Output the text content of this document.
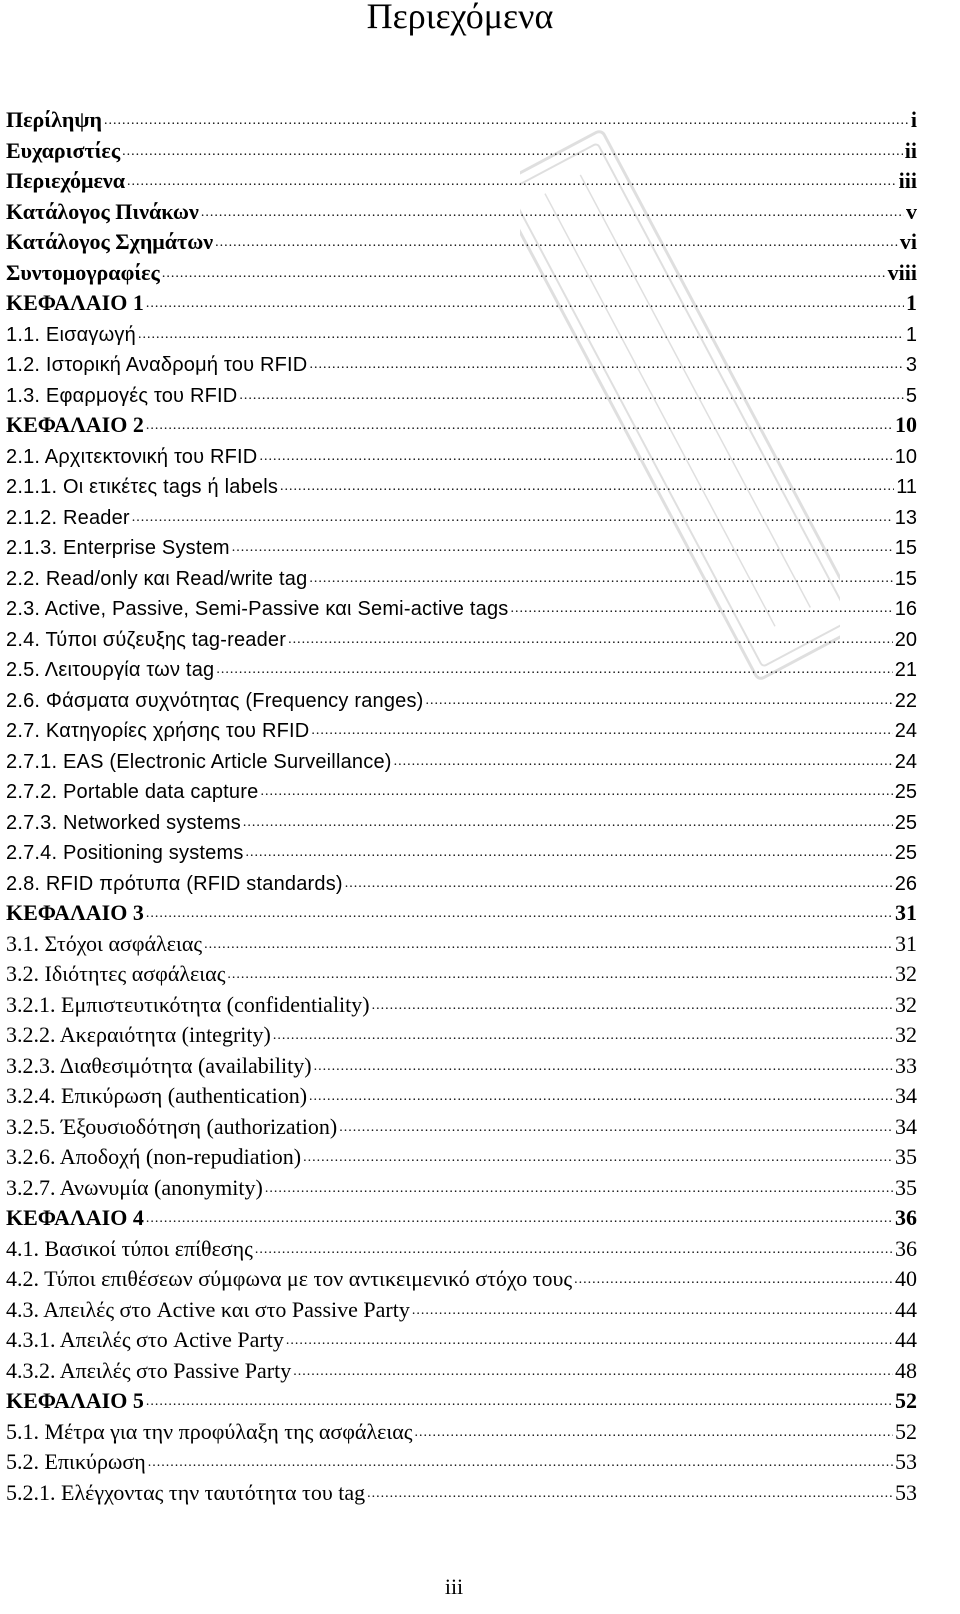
Περιεχόμενα
Περίληψη .....	i
Ευχαριστίες .....	ii
Περιεχόμενα .....	iii
Κατάλογος Πινάκων .....	v
Κατάλογος Σχημάτων .....	vi
Συντομογραφίες .....	viii
ΚΕΦΑΛΑΙΟ 1 .....	1
1.1. Εισαγωγή .....	1
1.2. Ιστορική Αναδρομή του RFID .....	3
1.3. Εφαρμογές του RFID .....	5
ΚΕΦΑΛΑΙΟ 2 .....	10
2.1. Αρχιτεκτονική του RFID .....	10
2.1.1. Οι ετικέτες tags ή labels .....	11
2.1.2. Reader .....	13
2.1.3. Enterprise System .....	15
2.2. Read/only και Read/write tag .....	15
2.3. Active, Passive, Semi-Passive και Semi-active tags .....	16
2.4. Τύποι σύζευξης tag-reader .....	20
2.5. Λειτουργία των tag .....	21
2.6. Φάσματα συχνότητας (Frequency ranges) .....	22
2.7. Κατηγορίες χρήσης του RFID .....	24
2.7.1. EAS (Electronic Article Surveillance) .....	24
2.7.2. Portable data capture .....	25
2.7.3. Networked systems .....	25
2.7.4. Positioning systems .....	25
2.8. RFID πρότυπα (RFID standards) .....	26
ΚΕΦΑΛΑΙΟ 3 .....	31
3.1. Στόχοι ασφάλειας .....	31
3.2. Ιδιότητες ασφάλειας .....	32
3.2.1. Εμπιστευτικότητα (confidentiality) .....	32
3.2.2. Ακεραιότητα (integrity) .....	32
3.2.3. Διαθεσιμότητα (availability) .....	33
3.2.4. Επικύρωση (authentication) .....	34
3.2.5. Έξουσιοδότηση (authorization) .....	34
3.2.6. Αποδοχή (non-repudiation) .....	35
3.2.7. Ανωνυμία (anonymity) .....	35
ΚΕΦΑΛΑΙΟ 4 .....	36
4.1. Βασικοί τύποι επίθεσης .....	36
4.2. Τύποι επιθέσεων σύμφωνα με τον αντικειμενικό στόχο τους .....	40
4.3. Απειλές στο Active και στο Passive Party .....	44
4.3.1. Απειλές στο Active Party .....	44
4.3.2. Απειλές στο Passive Party .....	48
ΚΕΦΑΛΑΙΟ 5 .....	52
5.1. Μέτρα για την προφύλαξη της ασφάλειας .....	52
5.2. Επικύρωση .....	53
5.2.1. Ελέγχοντας την ταυτότητα του tag .....	53
iii
